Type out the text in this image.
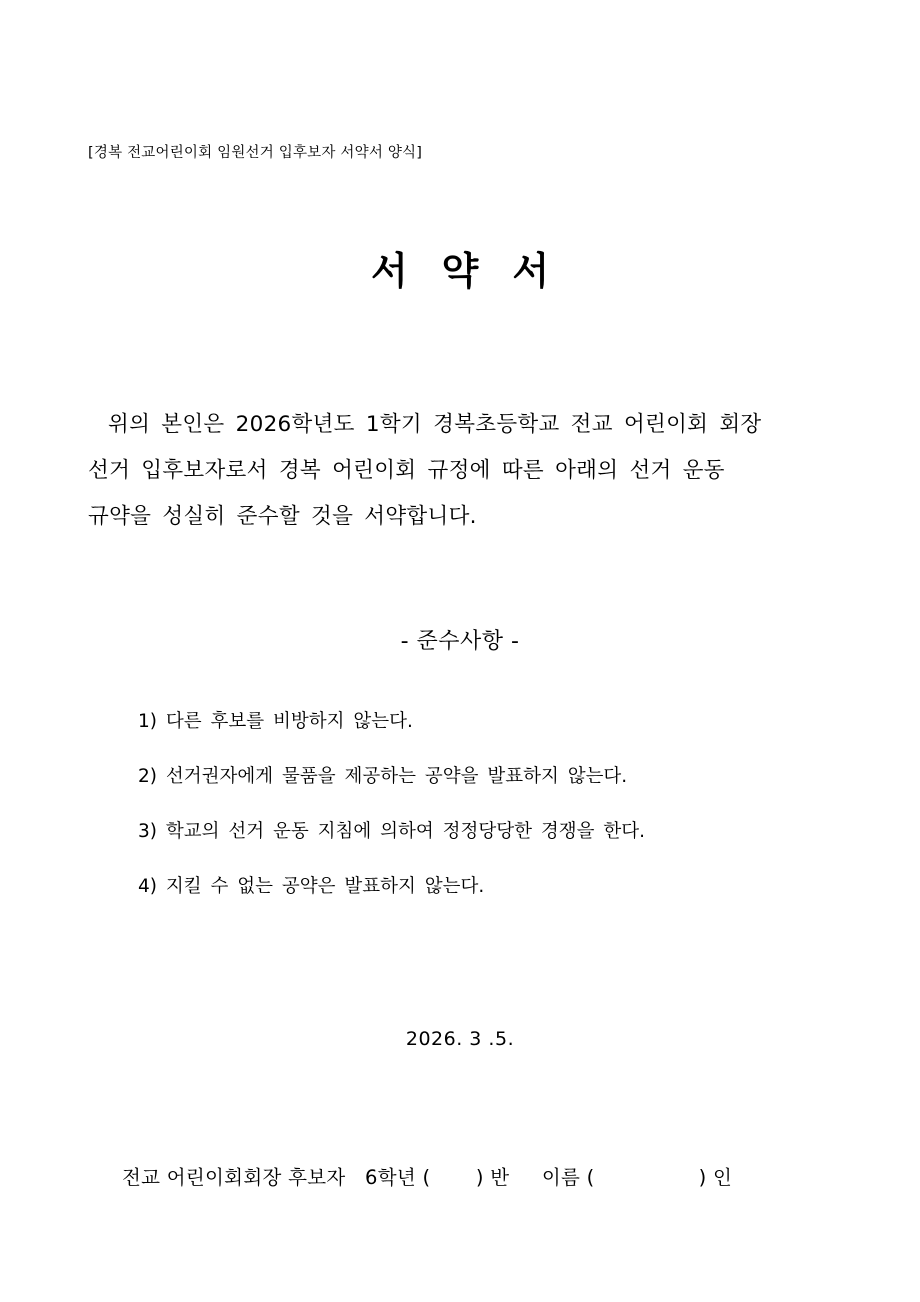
[경복 전교어린이회 임원선거 입후보자 서약서 양식]
서약서
위의 본인은 2026학년도 1학기 경복초등학교 전교 어린이회 회장
선거 입후보자로서 경복 어린이회 규정에 따른 아래의 선거 운동
규약을 성실히 준수할 것을 서약합니다.
- 준수사항 -
1) 다른 후보를 비방하지 않는다.
2) 선거권자에게 물품을 제공하는 공약을 발표하지 않는다.
3) 학교의 선거 운동 지침에 의하여 정정당당한 경쟁을 한다.
4) 지킬 수 없는 공약은 발표하지 않는다.
2026. 3 .5.
전교 어린이회회장 후보자   6학년 (       ) 반     이름 (                ) 인
